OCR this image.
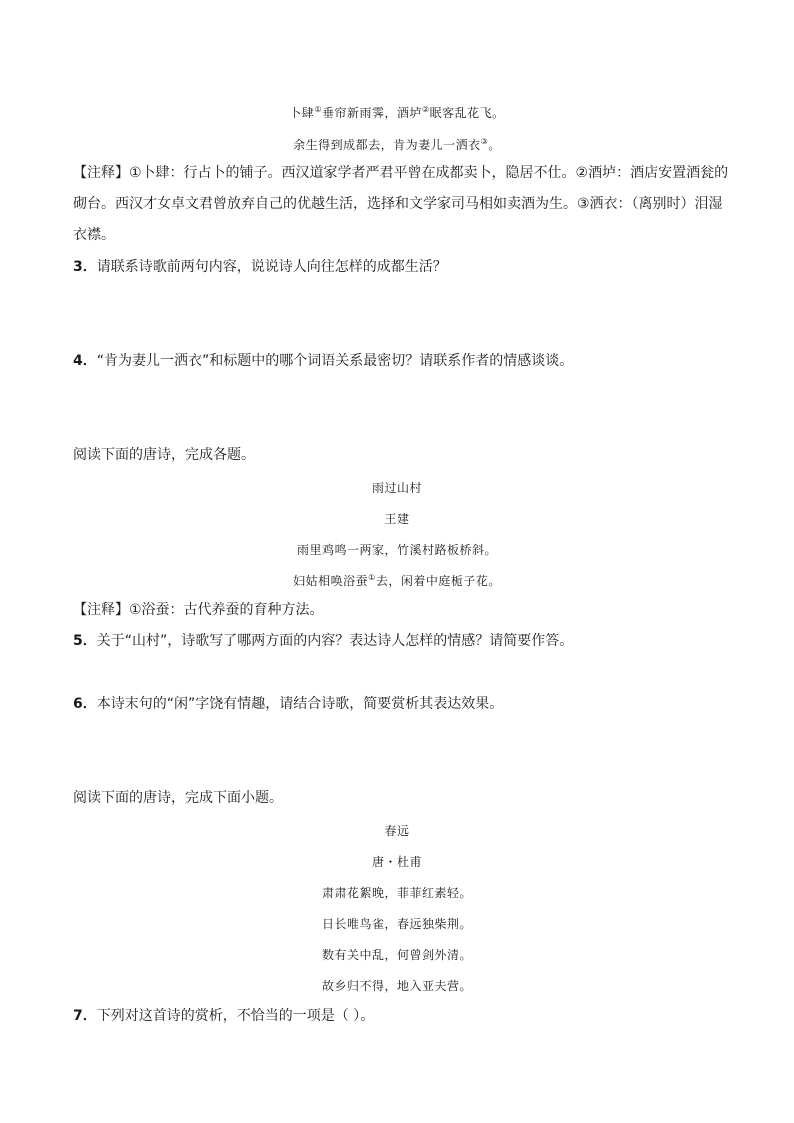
卜肆①垂帘新雨霁，酒垆②眠客乱花飞。
余生得到成都去，肯为妻儿一洒衣③。
【注释】①卜肆：行占卜的铺子。西汉道家学者严君平曾在成都卖卜，隐居不仕。②酒垆：酒店安置酒瓮的砌台。西汉才女卓文君曾放弃自己的优越生活，选择和文学家司马相如卖酒为生。③洒衣：（离别时）泪湿衣襟。
3．请联系诗歌前两句内容，说说诗人向往怎样的成都生活？
4．“肯为妻儿一洒衣”和标题中的哪个词语关系最密切？请联系作者的情感谈谈。
阅读下面的唐诗，完成各题。
雨过山村
王建
雨里鸡鸣一两家，竹溪村路板桥斜。
妇姑相唤浴蚕①去，闲着中庭栀子花。
【注释】①浴蚕：古代养蚕的育种方法。
5．关于“山村”，诗歌写了哪两方面的内容？表达诗人怎样的情感？请简要作答。
6．本诗末句的“闲”字饶有情趣，请结合诗歌，简要赏析其表达效果。
阅读下面的唐诗，完成下面小题。
春远
唐・杜甫
肃肃花絮晚，菲菲红素轻。
日长唯鸟雀，春远独柴荆。
数有关中乱，何曾剑外清。
故乡归不得，地入亚夫营。
7．下列对这首诗的赏析，不恰当的一项是（ ）。
